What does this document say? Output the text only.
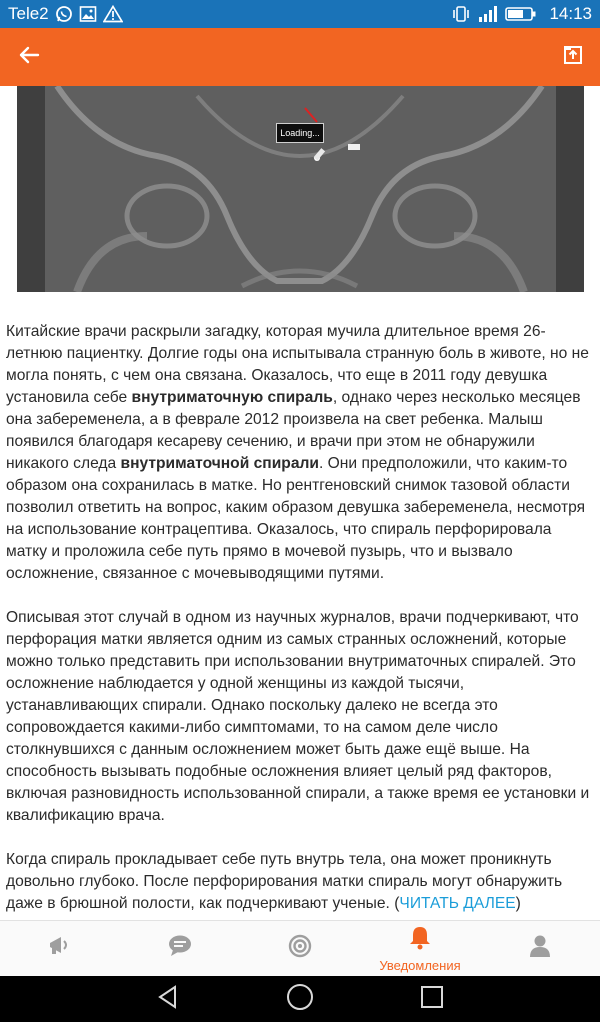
Tele2	14:13
Loading...

Китайские врачи раскрыли загадку, которая мучила длительное время 26-летнюю пациентку. Долгие годы она испытывала странную боль в животе, но не могла понять, с чем она связана. Оказалось, что еще в 2011 году девушка установила себе внутриматочную спираль, однако через несколько месяцев она забеременела, а в феврале 2012 произвела на свет ребенка. Малыш появился благодаря кесареву сечению, и врачи при этом не обнаружили никакого следа внутриматочной спирали. Они предположили, что каким-то образом она сохранилась в матке. Но рентгеновский снимок тазовой области позволил ответить на вопрос, каким образом девушка забеременела, несмотря на использование контрацептива. Оказалось, что спираль перфорировала матку и проложила себе путь прямо в мочевой пузырь, что и вызвало осложнение, связанное с мочевыводящими путями.

Описывая этот случай в одном из научных журналов, врачи подчеркивают, что перфорация матки является одним из самых странных осложнений, которые можно только представить при использовании внутриматочных спиралей. Это осложнение наблюдается у одной женщины из каждой тысячи, устанавливающих спирали. Однако поскольку далеко не всегда это сопровождается какими-либо симптомами, то на самом деле число столкнувшихся с данным осложнением может быть даже ещё выше. На способность вызывать подобные осложнения влияет целый ряд факторов, включая разновидность использованной спирали, а также время ее установки и квалификацию врача.

Когда спираль прокладывает себе путь внутрь тела, она может проникнуть довольно глубоко. После перфорирования матки спираль могут обнаружить даже в брюшной полости, как подчеркивают ученые. (ЧИТАТЬ ДАЛЕЕ)

Уведомления
